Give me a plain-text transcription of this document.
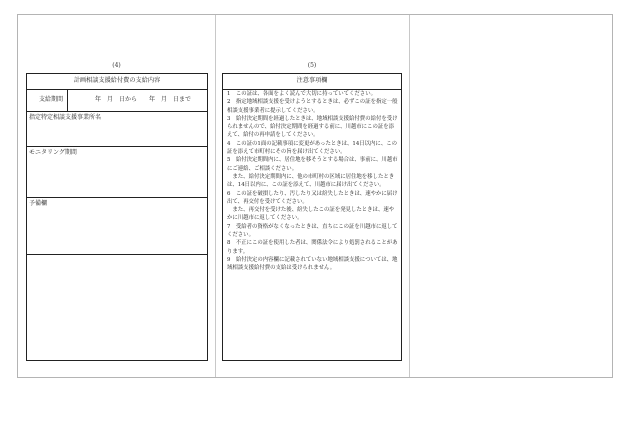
(4)
計画相談支援給付費の支給内容
支給期間	年　月　日から　　年　月　日まで
指定特定相談支援事業所名
モニタリング期間
予備欄
(5)
注意事項欄

1　この証は、各面をよく読んで大切に持っていてください。

2　指定地域相談支援を受けようとするときは、必ずこの証を指定一般相談支援事業者に提示してください。

3　給付決定期間を経過したときは、地域相談支援給付費の給付を受けられませんので、給付決定期間を経過する前に、川越市にこの証を添えて、給付の再申請をしてください。

4　この証の1面の記載事項に変更があったときは、14日以内に、この証を添えて市町村にその旨を届け出てください。

5　給付決定期間内に、居住地を移そうとする場合は、事前に、川越市にご連絡、ご相談ください。

　また、給付決定期間内に、他の市町村の区域に居住地を移したときは、14日以内に、この証を添えて、川越市に届け出てください。

6　この証を破損したり、汚したり又は紛失したときは、速やかに届け出て、再交付を受けてください。

　また、再交付を受けた後、紛失したこの証を発見したときは、速やかに川越市に返してください。

7　受給者の資格がなくなったときは、直ちにこの証を川越市に返してください。

8　不正にこの証を使用した者は、関係法令により処罰されることがあります。

9　給付決定の内容欄に記載されていない地域相談支援については、地域相談支援給付費の支給は受けられません。
